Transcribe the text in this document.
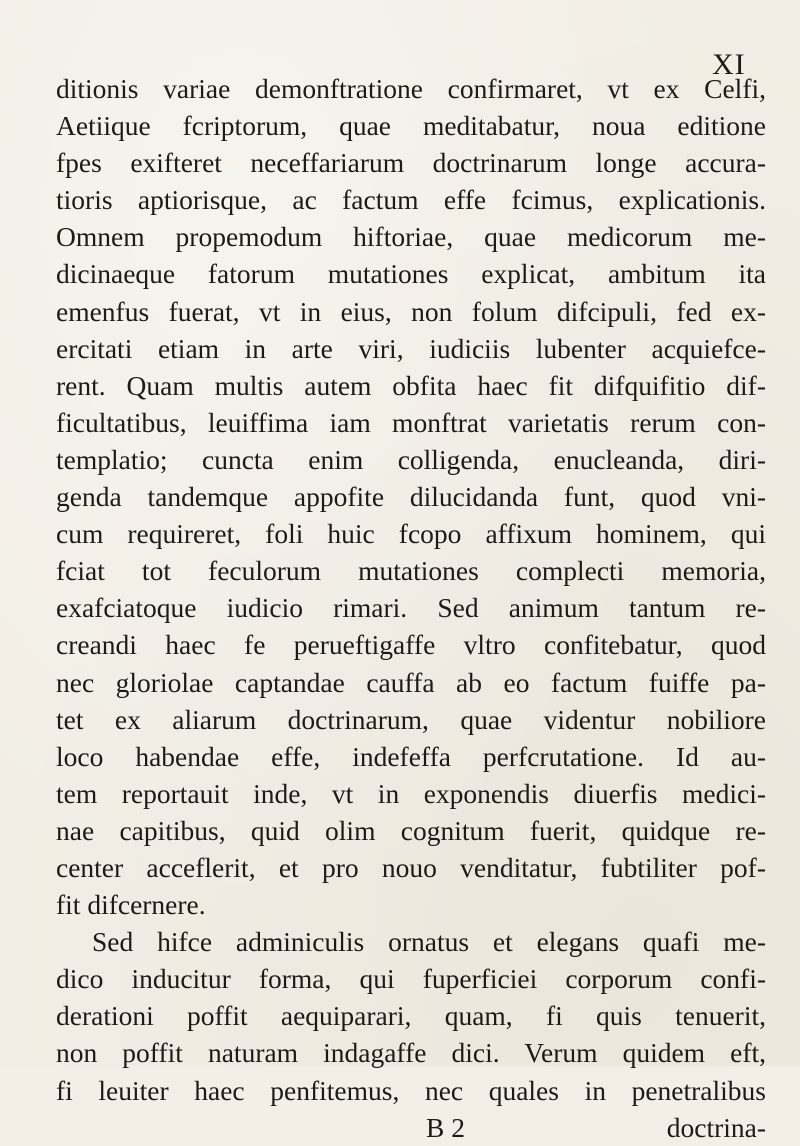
XI
ditionis variae demonftratione confirmaret, vt ex Celfi,
Aetiique fcriptorum, quae meditabatur, noua editione
fpes exifteret neceffariarum doctrinarum longe accura-
tioris aptiorisque, ac factum effe fcimus, explicationis.
Omnem propemodum hiftoriae, quae medicorum me-
dicinaeque fatorum mutationes explicat, ambitum ita
emenfus fuerat, vt in eius, non folum difcipuli, fed ex-
ercitati etiam in arte viri, iudiciis lubenter acquiefce-
rent. Quam multis autem obfita haec fit difquifitio dif-
ficultatibus, leuiffima iam monftrat varietatis rerum con-
templatio; cuncta enim colligenda, enucleanda, diri-
genda tandemque appofite dilucidanda funt, quod vni-
cum requireret, foli huic fcopo affixum hominem, qui
fciat tot feculorum mutationes complecti memoria,
exafciatoque iudicio rimari. Sed animum tantum re-
creandi haec fe perueftigaffe vltro confitebatur, quod
nec gloriolae captandae cauffa ab eo factum fuiffe pa-
tet ex aliarum doctrinarum, quae videntur nobiliore
loco habendae effe, indefeffa perfcrutatione. Id au-
tem reportauit inde, vt in exponendis diuerfis medici-
nae capitibus, quid olim cognitum fuerit, quidque re-
center acceflerit, et pro nouo venditatur, fubtiliter pof-
fit difcernere.
Sed hifce adminiculis ornatus et elegans quafi me-
dico inducitur forma, qui fuperficiei corporum confi-
derationi poffit aequiparari, quam, fi quis tenuerit,
non poffit naturam indagaffe dici. Verum quidem eft,
fi leuiter haec penfitemus, nec quales in penetralibus
B 2	doctrina-
